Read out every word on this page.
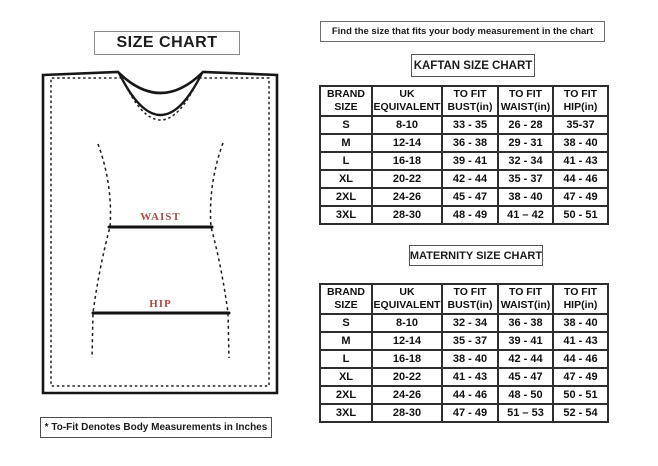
SIZE CHART
WAIST
HIP
* To-Fit Denotes Body Measurements in Inches
Find the size that fits your body measurement in the chart
KAFTAN SIZE CHART
BRAND
SIZE

UK
EQUIVALENT

TO FIT
BUST(in)

TO FIT
WAIST(in)

TO FIT
HIP(in)

S	8-10	33 - 35	26 - 28	35-37
M	12-14	36 - 38	29 - 31	38 - 40
L	16-18	39 - 41	32 - 34	41 - 43
XL	20-22	42 - 44	35 - 37	44 - 46
2XL	24-26	45 - 47	38 - 40	47 - 49
3XL	28-30	48 - 49	41 – 42	50 - 51
MATERNITY SIZE CHART
BRAND
SIZE

UK
EQUIVALENT

TO FIT
BUST(in)

TO FIT
WAIST(in)

TO FIT
HIP(in)

S	8-10	32 - 34	36 - 38	38 - 40
M	12-14	35 - 37	39 - 41	41 - 43
L	16-18	38 - 40	42 - 44	44 - 46
XL	20-22	41 - 43	45 - 47	47 - 49
2XL	24-26	44 - 46	48 - 50	50 - 51
3XL	28-30	47 - 49	51 – 53	52 - 54
